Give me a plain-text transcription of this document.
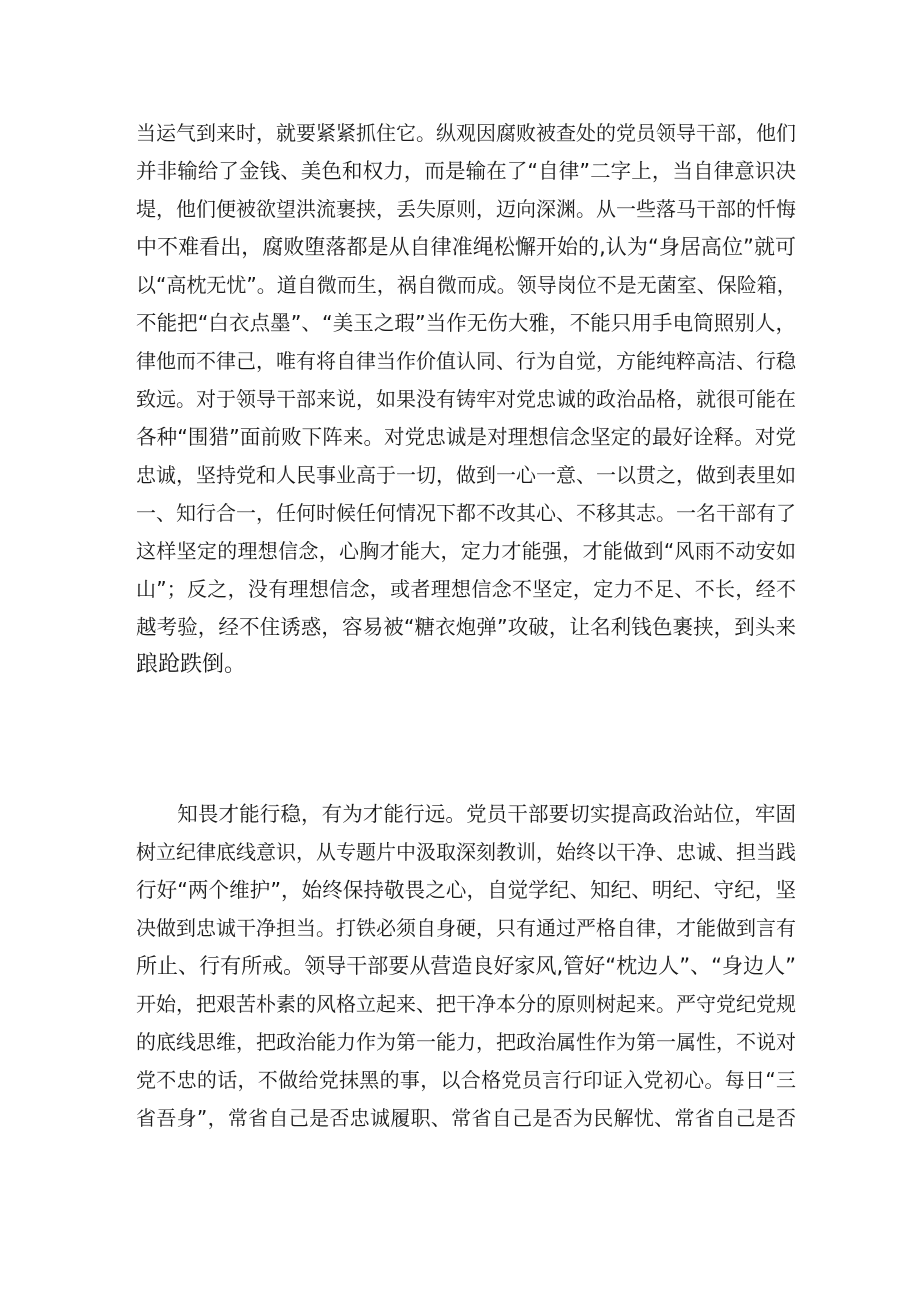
当运气到来时，就要紧紧抓住它。纵观因腐败被查处的党员领导干部，他们
并非输给了金钱、美色和权力，而是输在了“自律”二字上，当自律意识决
堤，他们便被欲望洪流裹挟，丢失原则，迈向深渊。从一些落马干部的忏悔
中不难看出，腐败堕落都是从自律准绳松懈开始的,认为“身居高位”就可
以“高枕无忧”。道自微而生，祸自微而成。领导岗位不是无菌室、保险箱，
不能把“白衣点墨”、“美玉之瑕”当作无伤大雅，不能只用手电筒照别人，
律他而不律己，唯有将自律当作价值认同、行为自觉，方能纯粹高洁、行稳
致远。对于领导干部来说，如果没有铸牢对党忠诚的政治品格，就很可能在
各种“围猎”面前败下阵来。对党忠诚是对理想信念坚定的最好诠释。对党
忠诚，坚持党和人民事业高于一切，做到一心一意、一以贯之，做到表里如
一、知行合一，任何时候任何情况下都不改其心、不移其志。一名干部有了
这样坚定的理想信念，心胸才能大，定力才能强，才能做到“风雨不动安如
山”；反之，没有理想信念，或者理想信念不坚定，定力不足、不长，经不
越考验，经不住诱惑，容易被“糖衣炮弹”攻破，让名利钱色裹挟，到头来
踉跄跌倒。
　　知畏才能行稳，有为才能行远。党员干部要切实提高政治站位，牢固
树立纪律底线意识，从专题片中汲取深刻教训，始终以干净、忠诚、担当践
行好“两个维护”，始终保持敬畏之心，自觉学纪、知纪、明纪、守纪，坚
决做到忠诚干净担当。打铁必须自身硬，只有通过严格自律，才能做到言有
所止、行有所戒。领导干部要从营造良好家风,管好“枕边人”、“身边人”
开始，把艰苦朴素的风格立起来、把干净本分的原则树起来。严守党纪党规
的底线思维，把政治能力作为第一能力，把政治属性作为第一属性，不说对
党不忠的话，不做给党抹黑的事，以合格党员言行印证入党初心。每日“三
省吾身”，常省自己是否忠诚履职、常省自己是否为民解忧、常省自己是否
